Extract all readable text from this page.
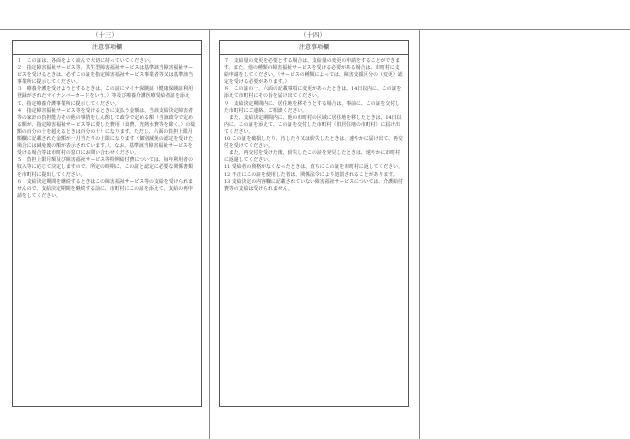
（十三）
注意事項欄

１　この証は、各面をよく読んで大切に持っていてください。

２　指定障害福祉サービス等、共生型障害福祉サービスは基準該当障害福祉サービスを受けるときは、必ずこの証を指定障害福祉サービス事業者等又は基準該当事業所に提示してください。

３　療養介護を受けようとするときは、この証にマイナ保険証（健康保険証利用登録がされたマイナンバーカードをいう。）等及び療養介護医療受給者証を添えて、指定療養介護事業所に提示してください。

４　指定障害福祉サービス等を受けるときに支払う金額は、当該支給決定障害者等の家計の負担能力その他の事情をしん酌して政令で定める額（当該政令で定める額が、指定障害福祉サービス等に要した費用（食費、光熱水費等を除く。）の総額の百分の十を超えるときは百分の十）になります。ただし、六面の負担上限月額欄に記載された金額が一月当たりの上限になります（個別減免の認定を受けた場合には減免後の額が表示されています。）。なお、基準該当障害福祉サービスを受ける場合等は市町村の窓口にお問い合わせください。

５　負担上限月額及び障害福祉サービス等特例給付費については、毎年利用者の収入等に応じて決定しますので、所定の時期に、この証と認定に必要な関係書類を市町村に提出してください。

６　支給決定期間を継続するときはこの障害福祉サービス等の支給を受けられませんので、支給決定期間を継続する前に、市町村にこの証を添えて、支給の再申請をしてください。

（十四）
注意事項欄

７　支給量の変更を必要とする場合は、支給量の変更の申請をすることができます。また、他の種類の障害福祉サービスを受ける必要がある場合は、市町村に支給申請をしてください。（サービスの種類によっては、障害支援区分の（変更）認定を受ける必要があります。）

８　この証の一、六面の記載事項に変更があったときは、14日以内に、この証を添えて市町村にその旨を届け出てください。

９　支給決定期間内に、居住地を移そうとする場合は、事前に、この証を交付した市町村にご連絡、ご相談ください。

　また、支給決定期間内に、他の市町村の区域に居住地を移したときは、14日以内に、この証を添えて、この証を交付した市町村（旧居住地の市町村）に届け出てください。

10 この証を破損したり、汚したり又は紛失したときは、速やかに届け出て、再交付を受けてください。

　また、再交付を受けた後、紛失したこの証を発見したときは、速やかに市町村に返還してください。

11 受給者の資格がなくなったときは、直ちにこの証を市町村に返してください。

12 不正にこの証を使用した者は、関係法令により処罰されることがあります。

13 支給決定の内容欄に記載されていない障害福祉サービスについては、介護給付費等の支給は受けられません。
